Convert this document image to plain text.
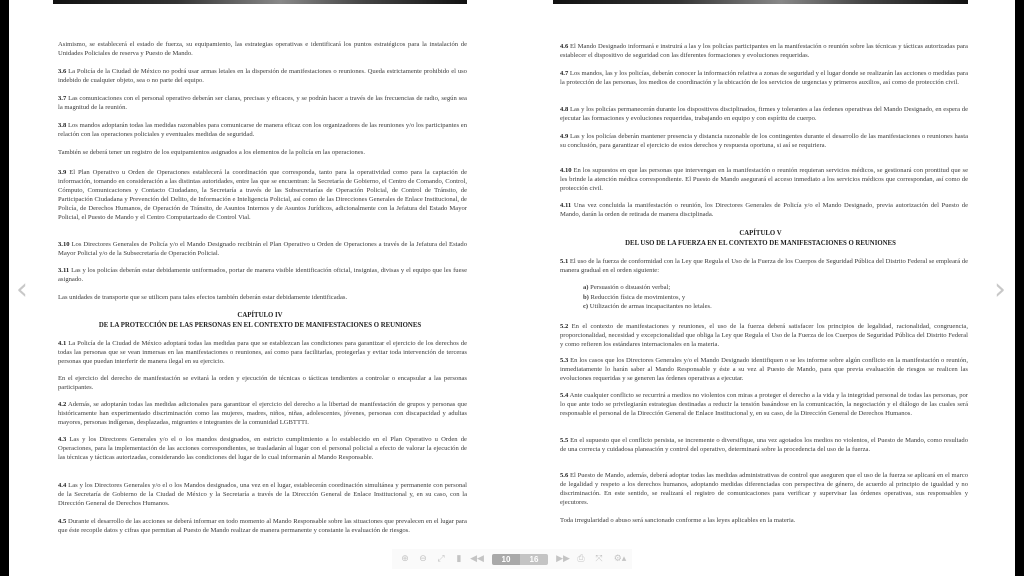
Asimismo, se establecerá el estado de fuerza, su equipamiento, las estrategias operativas e identificará los puntos estratégicos para la instalación de Unidades Policiales de reserva y Puesto de Mando.
3.6 La Policía de la Ciudad de México no podrá usar armas letales en la dispersión de manifestaciones o reuniones. Queda estrictamente prohibido el uso indebido de cualquier objeto, sea o no parte del equipo.
3.7 Las comunicaciones con el personal operativo deberán ser claras, precisas y eficaces, y se podrán hacer a través de las frecuencias de radio, según sea la magnitud de la reunión.
3.8 Los mandos adoptarán todas las medidas razonables para comunicarse de manera eficaz con los organizadores de las reuniones y/o los participantes en relación con las operaciones policiales y eventuales medidas de seguridad.
También se deberá tener un registro de los equipamientos asignados a los elementos de la policía en las operaciones.
3.9 El Plan Operativo u Orden de Operaciones establecerá la coordinación que corresponda, tanto para la operatividad como para la captación de información, tomando en consideración a las distintas autoridades, entre las que se encuentran: la Secretaría de Gobierno, el Centro de Comando, Control, Cómputo, Comunicaciones y Contacto Ciudadano, la Secretaría a través de las Subsecretarías de Operación Policial, de Control de Tránsito, de Participación Ciudadana y Prevención del Delito, de Información e Inteligencia Policial, así como de las Direcciones Generales de Enlace Institucional, de Policía, de Derechos Humanos, de Operación de Tránsito, de Asuntos Internos y de Asuntos Jurídicos, adicionalmente con la Jefatura del Estado Mayor Policial, el Puesto de Mando y el Centro Computarizado de Control Vial.
3.10 Los Directores Generales de Policía y/o el Mando Designado recibirán el Plan Operativo u Orden de Operaciones a través de la Jefatura del Estado Mayor Policial y/o de la Subsecretaría de Operación Policial.
3.11 Las y los policías deberán estar debidamente uniformados, portar de manera visible identificación oficial, insignias, divisas y el equipo que les fuese asignado.
Las unidades de transporte que se utilicen para tales efectos también deberán estar debidamente identificadas.
4.1 La Policía de la Ciudad de México adoptará todas las medidas para que se establezcan las condiciones para garantizar el ejercicio de los derechos de todas las personas que se vean inmersas en las manifestaciones o reuniones, así como para facilitarlas, protegerlas y evitar toda intervención de terceras personas que puedan interferir de manera ilegal en su ejercicio.
En el ejercicio del derecho de manifestación se evitará la orden y ejecución de técnicas o tácticas tendientes a controlar o encapsular a las personas participantes.
4.2 Además, se adoptarán todas las medidas adicionales para garantizar el ejercicio del derecho a la libertad de manifestación de grupos y personas que históricamente han experimentado discriminación como las mujeres, madres, niños, niñas, adolescentes, jóvenes, personas con discapacidad y adultas mayores, personas indígenas, desplazadas, migrantes e integrantes de la comunidad LGBTTTI.
4.3 Las y los Directores Generales y/o el o los mandos designados, en estricto cumplimiento a lo establecido en el Plan Operativo u Orden de Operaciones, para la implementación de las acciones correspondientes, se trasladarán al lugar con el personal policial a efecto de valorar la ejecución de las técnicas y tácticas autorizadas, considerando las condiciones del lugar de lo cual informarán al Mando Responsable.
4.4 Las y los Directores Generales y/o el o los Mandos designados, una vez en el lugar, establecerán coordinación simultánea y permanente con personal de la Secretaría de Gobierno de la Ciudad de México y la Secretaría a través de la Dirección General de Enlace Institucional y, en su caso, con la Dirección General de Derechos Humanos.
4.5 Durante el desarrollo de las acciones se deberá informar en todo momento al Mando Responsable sobre las situaciones que prevalecen en el lugar para que éste recopile datos y cifras que permitan al Puesto de Mando realizar de manera permanente y constante la evaluación de riesgos.
CAPÍTULO IV
DE LA PROTECCIÓN DE LAS PERSONAS EN EL CONTEXTO DE MANIFESTACIONES O REUNIONES
4.6 El Mando Designado informará e instruirá a las y los policías participantes en la manifestación o reunión sobre las técnicas y tácticas autorizadas para establecer el dispositivo de seguridad con las diferentes formaciones y evoluciones requeridas.
4.7 Los mandos, las y los policías, deberán conocer la información relativa a zonas de seguridad y el lugar donde se realizarán las acciones o medidas para la protección de las personas, los medios de coordinación y la ubicación de los servicios de urgencias y primeros auxilios, así como de protección civil.
4.8 Las y los policías permanecerán durante los dispositivos disciplinados, firmes y tolerantes a las órdenes operativas del Mando Designado, en espera de ejecutar las formaciones y evoluciones requeridas, trabajando en equipo y con espíritu de cuerpo.
4.9 Las y los policías deberán mantener presencia y distancia razonable de los contingentes durante el desarrollo de las manifestaciones o reuniones hasta su conclusión, para garantizar el ejercicio de estos derechos y respuesta oportuna, si así se requiriera.
4.10 En los supuestos en que las personas que intervengan en la manifestación o reunión requieran servicios médicos, se gestionará con prontitud que se les brinde la atención médica correspondiente. El Puesto de Mando asegurará el acceso inmediato a los servicios médicos que correspondan, así como de protección civil.
4.11 Una vez concluida la manifestación o reunión, los Directores Generales de Policía y/o el Mando Designado, previa autorización del Puesto de Mando, darán la orden de retirada de manera disciplinada.
5.1 El uso de la fuerza de conformidad con la Ley que Regula el Uso de la Fuerza de los Cuerpos de Seguridad Pública del Distrito Federal se empleará de manera gradual en el orden siguiente:
5.2 En el contexto de manifestaciones y reuniones, el uso de la fuerza deberá satisfacer los principios de legalidad, racionalidad, congruencia, proporcionalidad, necesidad y excepcionalidad que obliga la Ley que Regula el Uso de la Fuerza de los Cuerpos de Seguridad Pública del Distrito Federal y como refieren los estándares internacionales en la materia.
5.3 En los casos que los Directores Generales y/o el Mando Designado identifiquen o se les informe sobre algún conflicto en la manifestación o reunión, inmediatamente lo harán saber al Mando Responsable y éste a su vez al Puesto de Mando, para que previa evaluación de riesgos se realicen las evoluciones requeridas y se generen las órdenes operativas a ejecutar.
5.4 Ante cualquier conflicto se recurrirá a medios no violentos con miras a proteger el derecho a la vida y la integridad personal de todas las personas, por lo que ante todo se privilegiarán estrategias destinadas a reducir la tensión basándose en la comunicación, la negociación y el diálogo de las cuales será responsable el personal de la Dirección General de Enlace Institucional y, en su caso, de la Dirección General de Derechos Humanos.
5.5 En el supuesto que el conflicto persista, se incremente o diversifique, una vez agotados los medios no violentos, el Puesto de Mando, como resultado de una correcta y cuidadosa planeación y control del operativo, determinará sobre la procedencia del uso de la fuerza.
5.6 El Puesto de Mando, además, deberá adoptar todas las medidas administrativas de control que aseguren que el uso de la fuerza se aplicará en el marco de legalidad y respeto a los derechos humanos, adoptando medidas diferenciadas con perspectiva de género, de acuerdo al principio de igualdad y no discriminación. En este sentido, se realizará el registro de comunicaciones para verificar y supervisar las órdenes operativas, sus responsables y ejecutores.
Toda irregularidad o abuso será sancionado conforme a las leyes aplicables en la materia.
CAPÍTULO V
DEL USO DE LA FUERZA EN EL CONTEXTO DE MANIFESTACIONES O REUNIONES
a) Persuasión o disuasión verbal;
b) Reducción física de movimientos, y
c) Utilización de armas incapacitantes no letales.
‹	›
⊕ ⊖ ⤢ ▮ ◀◀	10	16	▶▶ ⎙ ⤧ ⚙▴
